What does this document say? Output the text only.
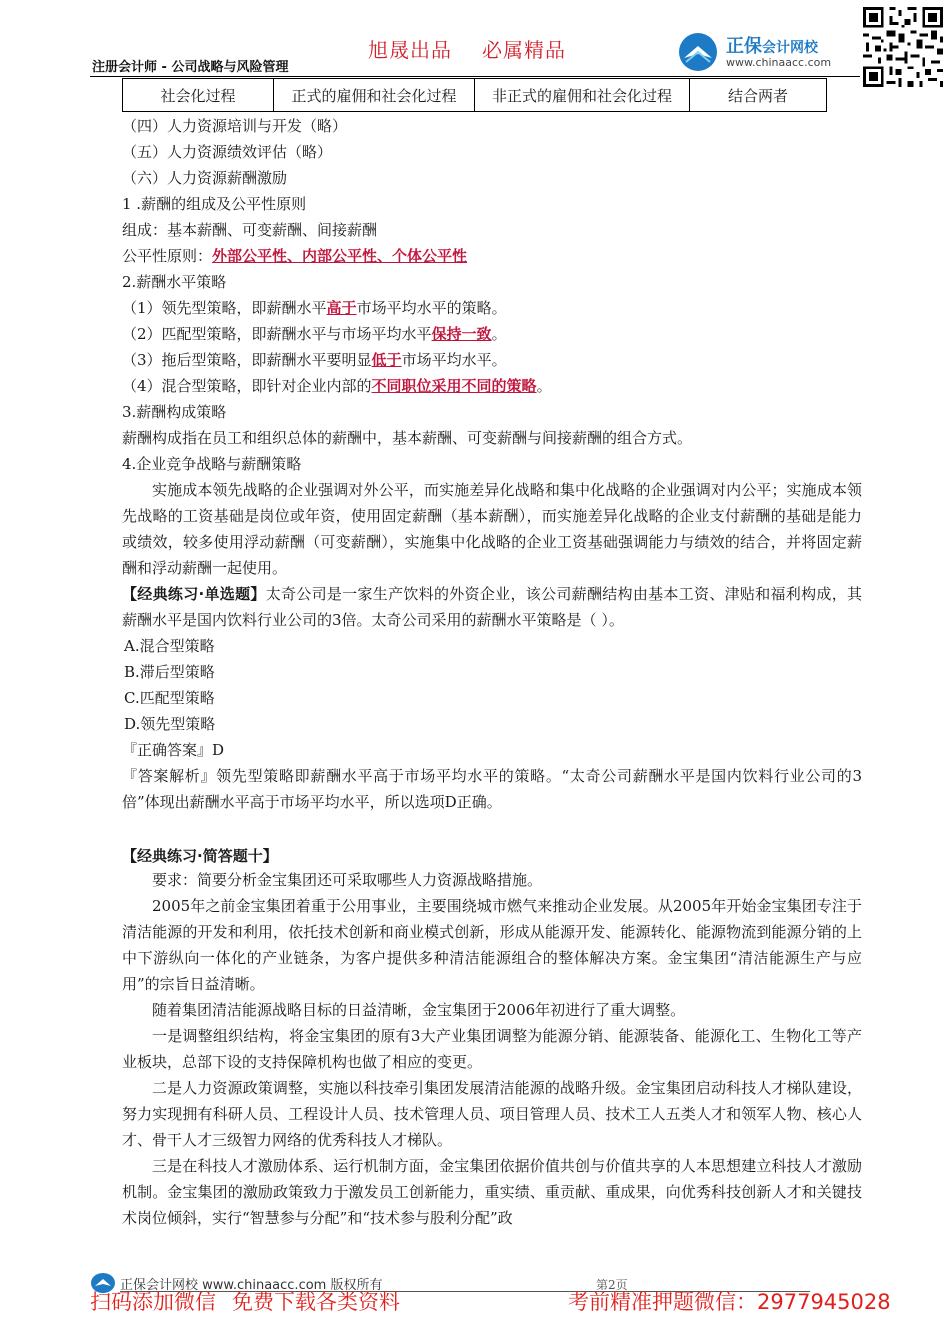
旭晟出品 必属精品
注册会计师 - 公司战略与风险管理
正保会计网校
www.chinaacc.com
社会化过程	正式的雇佣和社会化过程	非正式的雇佣和社会化过程	结合两者
（四）人力资源培训与开发（略）
（五）人力资源绩效评估（略）
（六）人力资源薪酬激励
1 .薪酬的组成及公平性原则
组成：基本薪酬、可变薪酬、间接薪酬
公平性原则：外部公平性、内部公平性、个体公平性
2.薪酬水平策略
（1）领先型策略，即薪酬水平高于市场平均水平的策略。
（2）匹配型策略，即薪酬水平与市场平均水平保持一致。
（3）拖后型策略，即薪酬水平要明显低于市场平均水平。
（4）混合型策略，即针对企业内部的不同职位采用不同的策略。
3.薪酬构成策略
薪酬构成指在员工和组织总体的薪酬中，基本薪酬、可变薪酬与间接薪酬的组合方式。
4.企业竞争战略与薪酬策略

实施成本领先战略的企业强调对外公平，而实施差异化战略和集中化战略的企业强调对内公平；实施成本领先战略的工资基础是岗位或年资，使用固定薪酬（基本薪酬），而实施差异化战略的企业支付薪酬的基础是能力或绩效，较多使用浮动薪酬（可变薪酬），实施集中化战略的企业工资基础强调能力与绩效的结合，并将固定薪酬和浮动薪酬一起使用。

【经典练习·单选题】太奇公司是一家生产饮料的外资企业，该公司薪酬结构由基本工资、津贴和福利构成，其薪酬水平是国内饮料行业公司的3倍。太奇公司采用的薪酬水平策略是（ ）。

A.混合型策略
B.滞后型策略
C.匹配型策略
D.领先型策略
『正确答案』D

『答案解析』领先型策略即薪酬水平高于市场平均水平的策略。“太奇公司薪酬水平是国内饮料行业公司的3倍”体现出薪酬水平高于市场平均水平，所以选项D正确。

【经典练习·简答题十】

要求：简要分析金宝集团还可采取哪些人力资源战略措施。

2005年之前金宝集团着重于公用事业，主要围绕城市燃气来推动企业发展。从2005年开始金宝集团专注于清洁能源的开发和利用，依托技术创新和商业模式创新，形成从能源开发、能源转化、能源物流到能源分销的上中下游纵向一体化的产业链条，为客户提供多种清洁能源组合的整体解决方案。金宝集团“清洁能源生产与应用”的宗旨日益清晰。

随着集团清洁能源战略目标的日益清晰，金宝集团于2006年初进行了重大调整。

一是调整组织结构，将金宝集团的原有3大产业集团调整为能源分销、能源装备、能源化工、生物化工等产业板块，总部下设的支持保障机构也做了相应的变更。

二是人力资源政策调整，实施以科技牵引集团发展清洁能源的战略升级。金宝集团启动科技人才梯队建设，努力实现拥有科研人员、工程设计人员、技术管理人员、项目管理人员、技术工人五类人才和领军人物、核心人才、骨干人才三级智力网络的优秀科技人才梯队。

三是在科技人才激励体系、运行机制方面，金宝集团依据价值共创与价值共享的人本思想建立科技人才激励机制。金宝集团的激励政策致力于激发员工创新能力，重实绩、重贡献、重成果，向优秀科技创新人才和关键技术岗位倾斜，实行“智慧参与分配”和“技术参与股利分配”政

正保会计网校 www.chinaacc.com 版权所有	第2页
扫码添加微信 免费下载各类资料	考前精准押题微信：2977945028
